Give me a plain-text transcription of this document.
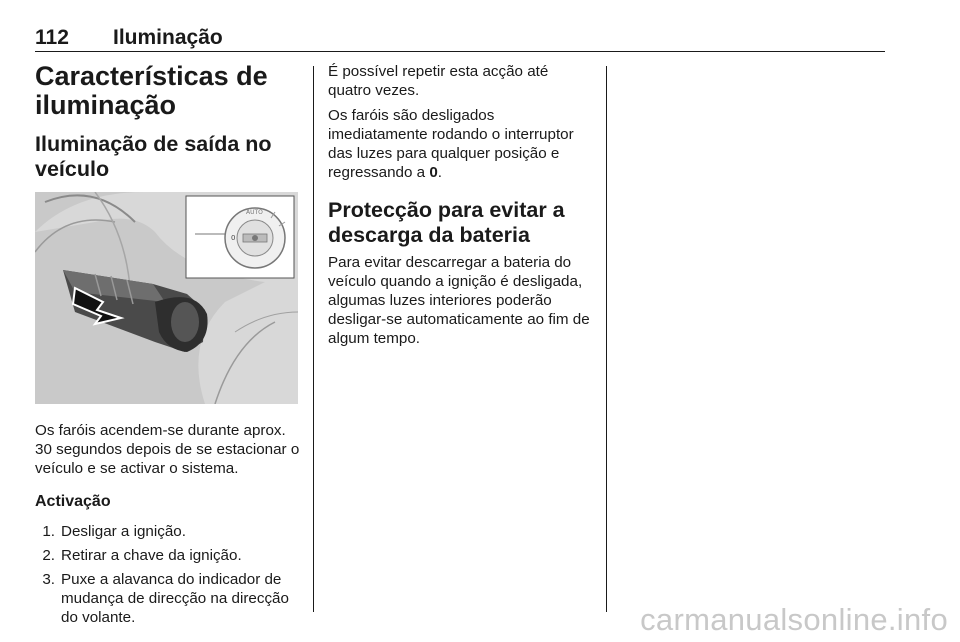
112 Iluminação
Características de iluminação
Iluminação de saída no veículo
0
AUTO

Os faróis acendem-se durante aprox. 30 segundos depois de se estacionar o veículo e se activar o sistema.

Activação
1. Desligar a ignição.
2. Retirar a chave da ignição.
3. Puxe a alavanca do indicador de mudança de direcção na direcção do volante.

É possível repetir esta acção até quatro vezes.

Os faróis são desligados imediatamente rodando o interruptor das luzes para qualquer posição e regressando a 0.

Protecção para evitar a descarga da bateria

Para evitar descarregar a bateria do veículo quando a ignição é desligada, algumas luzes interiores poderão desligar-se automaticamente ao fim de algum tempo.

carmanualsonline.info
